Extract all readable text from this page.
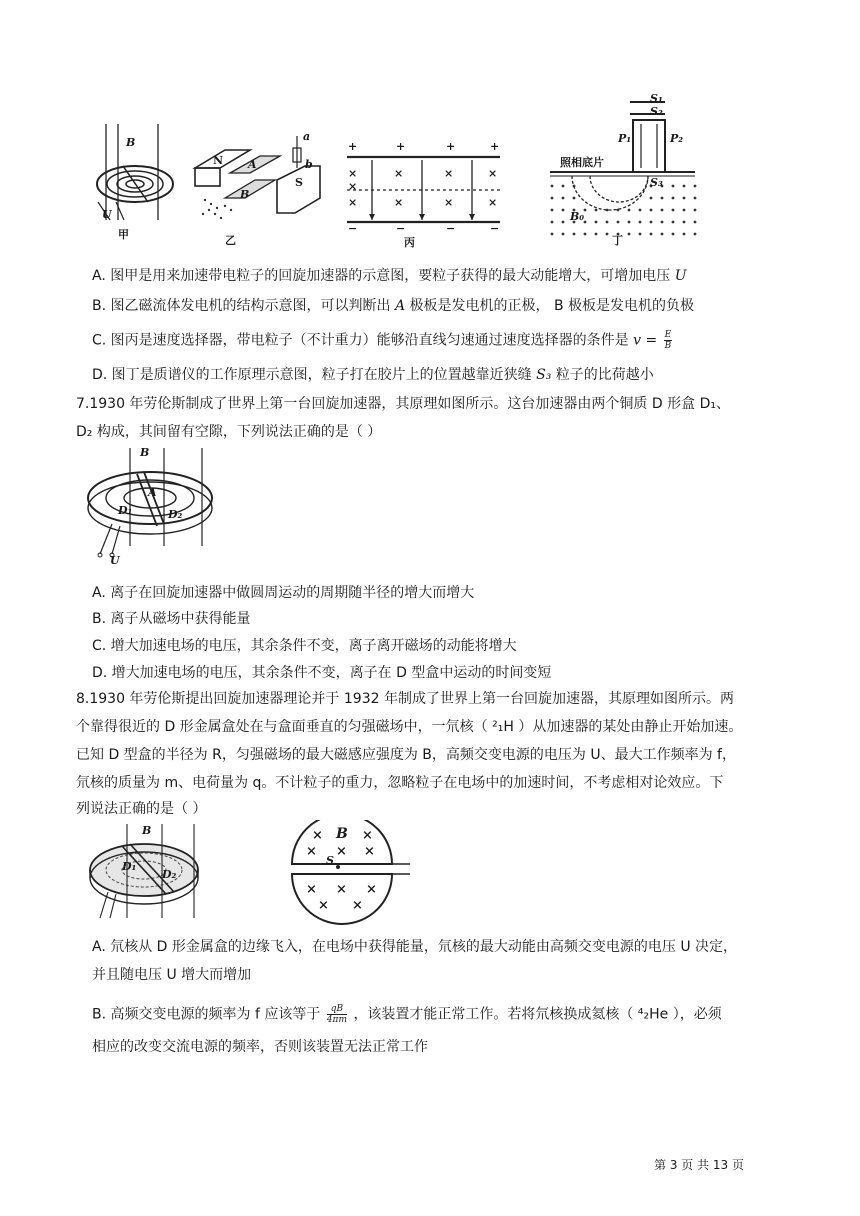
B
U
甲
N A
B
S
a
b
乙
+	+	+	+
×	×	×	×
×
×	×	×	×
−	−	−	−
丙
照相底片
P₁	P₂
S₁
S₂
S₃
B₀
丁
A. 图甲是用来加速带电粒子的回旋加速器的示意图，要粒子获得的最大动能增大，可增加电压 U
B. 图乙磁流体发电机的结构示意图，可以判断出 A 极板是发电机的正极， B 极板是发电机的负极
C. 图丙是速度选择器，带电粒子（不计重力）能够沿直线匀速通过速度选择器的条件是 $v = \frac{E}{B}$
D. 图丁是质谱仪的工作原理示意图，粒子打在胶片上的位置越靠近狭缝 S₃ 粒子的比荷越小
7.1930 年劳伦斯制成了世界上第一台回旋加速器，其原理如图所示。这台加速器由两个铜质 D 形盒 D₁、
D₂ 构成，其间留有空隙，下列说法正确的是（ ）
B
A
D₁	D₂
U
A. 离子在回旋加速器中做圆周运动的周期随半径的增大而增大
B. 离子从磁场中获得能量
C. 增大加速电场的电压，其余条件不变，离子离开磁场的动能将增大
D. 增大加速电场的电压，其余条件不变，离子在 D 型盒中运动的时间变短
8.1930 年劳伦斯提出回旋加速器理论并于 1932 年制成了世界上第一台回旋加速器，其原理如图所示。两
个靠得很近的 D 形金属盒处在与盒面垂直的匀强磁场中，一氘核（ ²₁H ）从加速器的某处由静止开始加速。
已知 D 型盒的半径为 R，匀强磁场的最大磁感应强度为 B，高频交变电源的电压为 U、最大工作频率为 f，
氘核的质量为 m、电荷量为 q。不计粒子的重力，忽略粒子在电场中的加速时间，不考虑相对论效应。下
列说法正确的是（ ）
B
D₁
D₂
B
S
×	×
× × ×
× × ×
× ×
A. 氘核从 D 形金属盒的边缘飞入，在电场中获得能量，氘核的最大动能由高频交变电源的电压 U 决定，
并且随电压 U 增大而增加
B. 高频交变电源的频率为 f 应该等于 $\frac{qB}{4\pi m}$ ，该装置才能正常工作。若将氘核换成氦核（ ⁴₂He ），必须
相应的改变交流电源的频率，否则该装置无法正常工作
第 3 页 共 13 页
